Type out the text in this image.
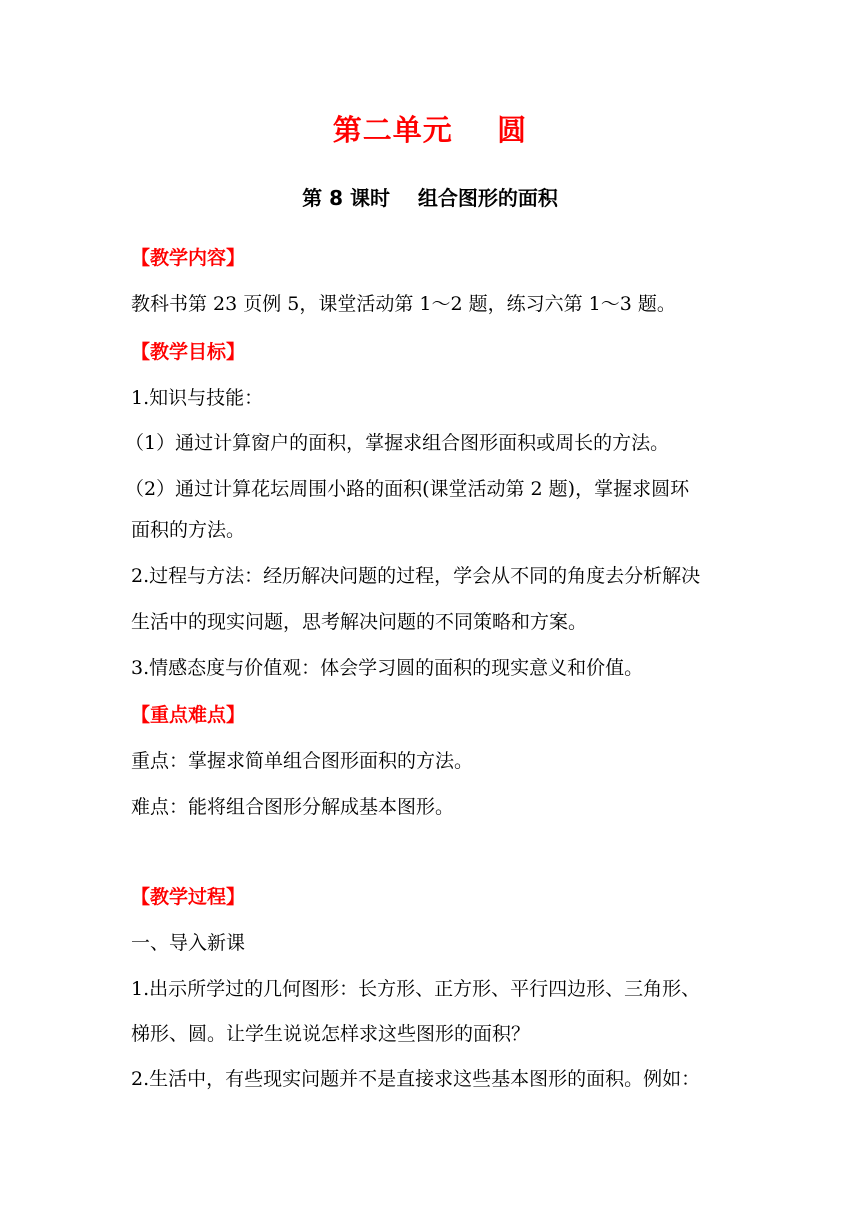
第二单元    圆
第 8 课时    组合图形的面积
【教学内容】
教科书第 23 页例 5，课堂活动第 1～2 题，练习六第 1～3 题。
【教学目标】
1.知识与技能：
（1）通过计算窗户的面积，掌握求组合图形面积或周长的方法。
（2）通过计算花坛周围小路的面积(课堂活动第 2 题)，掌握求圆环
面积的方法。
2.过程与方法：经历解决问题的过程，学会从不同的角度去分析解决
生活中的现实问题，思考解决问题的不同策略和方案。
3.情感态度与价值观：体会学习圆的面积的现实意义和价值。
【重点难点】
重点：掌握求简单组合图形面积的方法。
难点：能将组合图形分解成基本图形。
【教学过程】
一、导入新课
1.出示所学过的几何图形：长方形、正方形、平行四边形、三角形、
梯形、圆。让学生说说怎样求这些图形的面积？
2.生活中，有些现实问题并不是直接求这些基本图形的面积。例如：
